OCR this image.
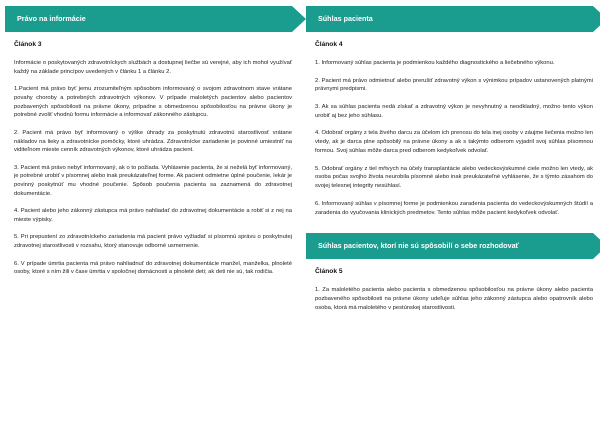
Právo na informácie
Článok 3

Informácie o poskytovaných zdravotníckych službách a dostupnej liečbe sú verejné, aby ich mohol využívať každý na základe princípov uvedených v článku 1 a článku 2.

1.Pacient má právo byť jemu zrozumiteľným spôsobom informovaný o svojom zdravotnom stave vrátane povahy choroby a potrebných zdravotných výkonov. V prípade maloletých pacientov alebo pacientov pozbavených spôsobilosti na právne úkony, prípadne s obmedzenou spôsobilosťou na právne úkony je potrebné zvoliť vhodnú formu informácie a informovať zákonného zástupcu.

2. Pacient má právo byť informovaný o výške úhrady za poskytnutú zdravotnú starostlivosť vrátane nákladov na lieky a zdravotnícke pomôcky, ktoré uhrádza. Zdravotnícke zariadenie je povinné umiestniť na viditeľnom mieste cenník zdravotných výkonov, ktoré uhrádza pacient.

3. Pacient má právo nebyť informovaný, ak o to požiada. Vyhlásenie pacienta, že si neželá byť informovaný, je potrebné urobiť v písomnej alebo inak preukázateľnej forme. Ak pacient odmietne úplné poučenie, lekár je povinný poskytnúť mu vhodné poučenie. Spôsob poučenia pacienta sa zaznamená do zdravotnej dokumentácie.

4. Pacient alebo jeho zákonný zástupca má právo nahliadať do zdravotnej dokumentácie a robiť si z nej na mieste výpisky.

5. Pri prepustení zo zdravotníckeho zariadenia má pacient právo vyžiadať si písomnú správu o poskytnutej zdravotnej starostlivosti v rozsahu, ktorý stanovuje odborné usmernenie.

6. V prípade úmrtia pacienta má právo nahliadnuť do zdravotnej dokumentácie manžel, manželka, plnoleté osoby, ktoré s ním žili v čase úmrtia v spoločnej domácnosti a plnoleté deti; ak deti nie sú, tak rodičia.

Súhlas pacienta
Článok 4

1. Informovaný súhlas pacienta je podmienkou každého diagnostického a liečebného výkonu.

2. Pacient má právo odmietnuť alebo prerušiť zdravotný výkon s výnimkou prípadov ustanovených platnými právnymi predpismi.

3. Ak sa súhlas pacienta nedá získať a zdravotný výkon je nevyhnutný a neodkladný, možno tento výkon urobiť aj bez jeho súhlasu.

4. Odobrať orgány z tela živého darcu za účelom ich prenosu do tela inej osoby v záujme liečenia možno len vtedy, ak je darca plne spôsobilý na právne úkony a ak s takýmto odberom vyjadril svoj súhlas písomnou formou. Svoj súhlas môže darca pred odberom kedykoľvek odvolať.

5. Odobrať orgány z tiel mŕtvych na účely transplantácie alebo vedeckovýskumné ciele možno len vtedy, ak osoba počas svojho života neurobila písomné alebo inak preukázateľné vyhlásenie, že s týmto zásahom do svojej telesnej integrity nesúhlasí.

6. Informovaný súhlas v písomnej forme je podmienkou zaradenia pacienta do vedeckovýskumných štúdií a zaradenia do vyučovania klinických predmetov. Tento súhlas môže pacient kedykoľvek odvolať.

Súhlas pacientov, ktorí nie sú spôsobilí o sebe rozhodovať
Článok 5

1. Za maloletého pacienta alebo pacienta s obmedzenou spôsobilosťou na právne úkony alebo pacienta pozbaveného spôsobilosti na právne úkony udeľuje súhlas jeho zákonný zástupca alebo opatrovník alebo osoba, ktorá má maloletého v pestúnskej starostlivosti.
